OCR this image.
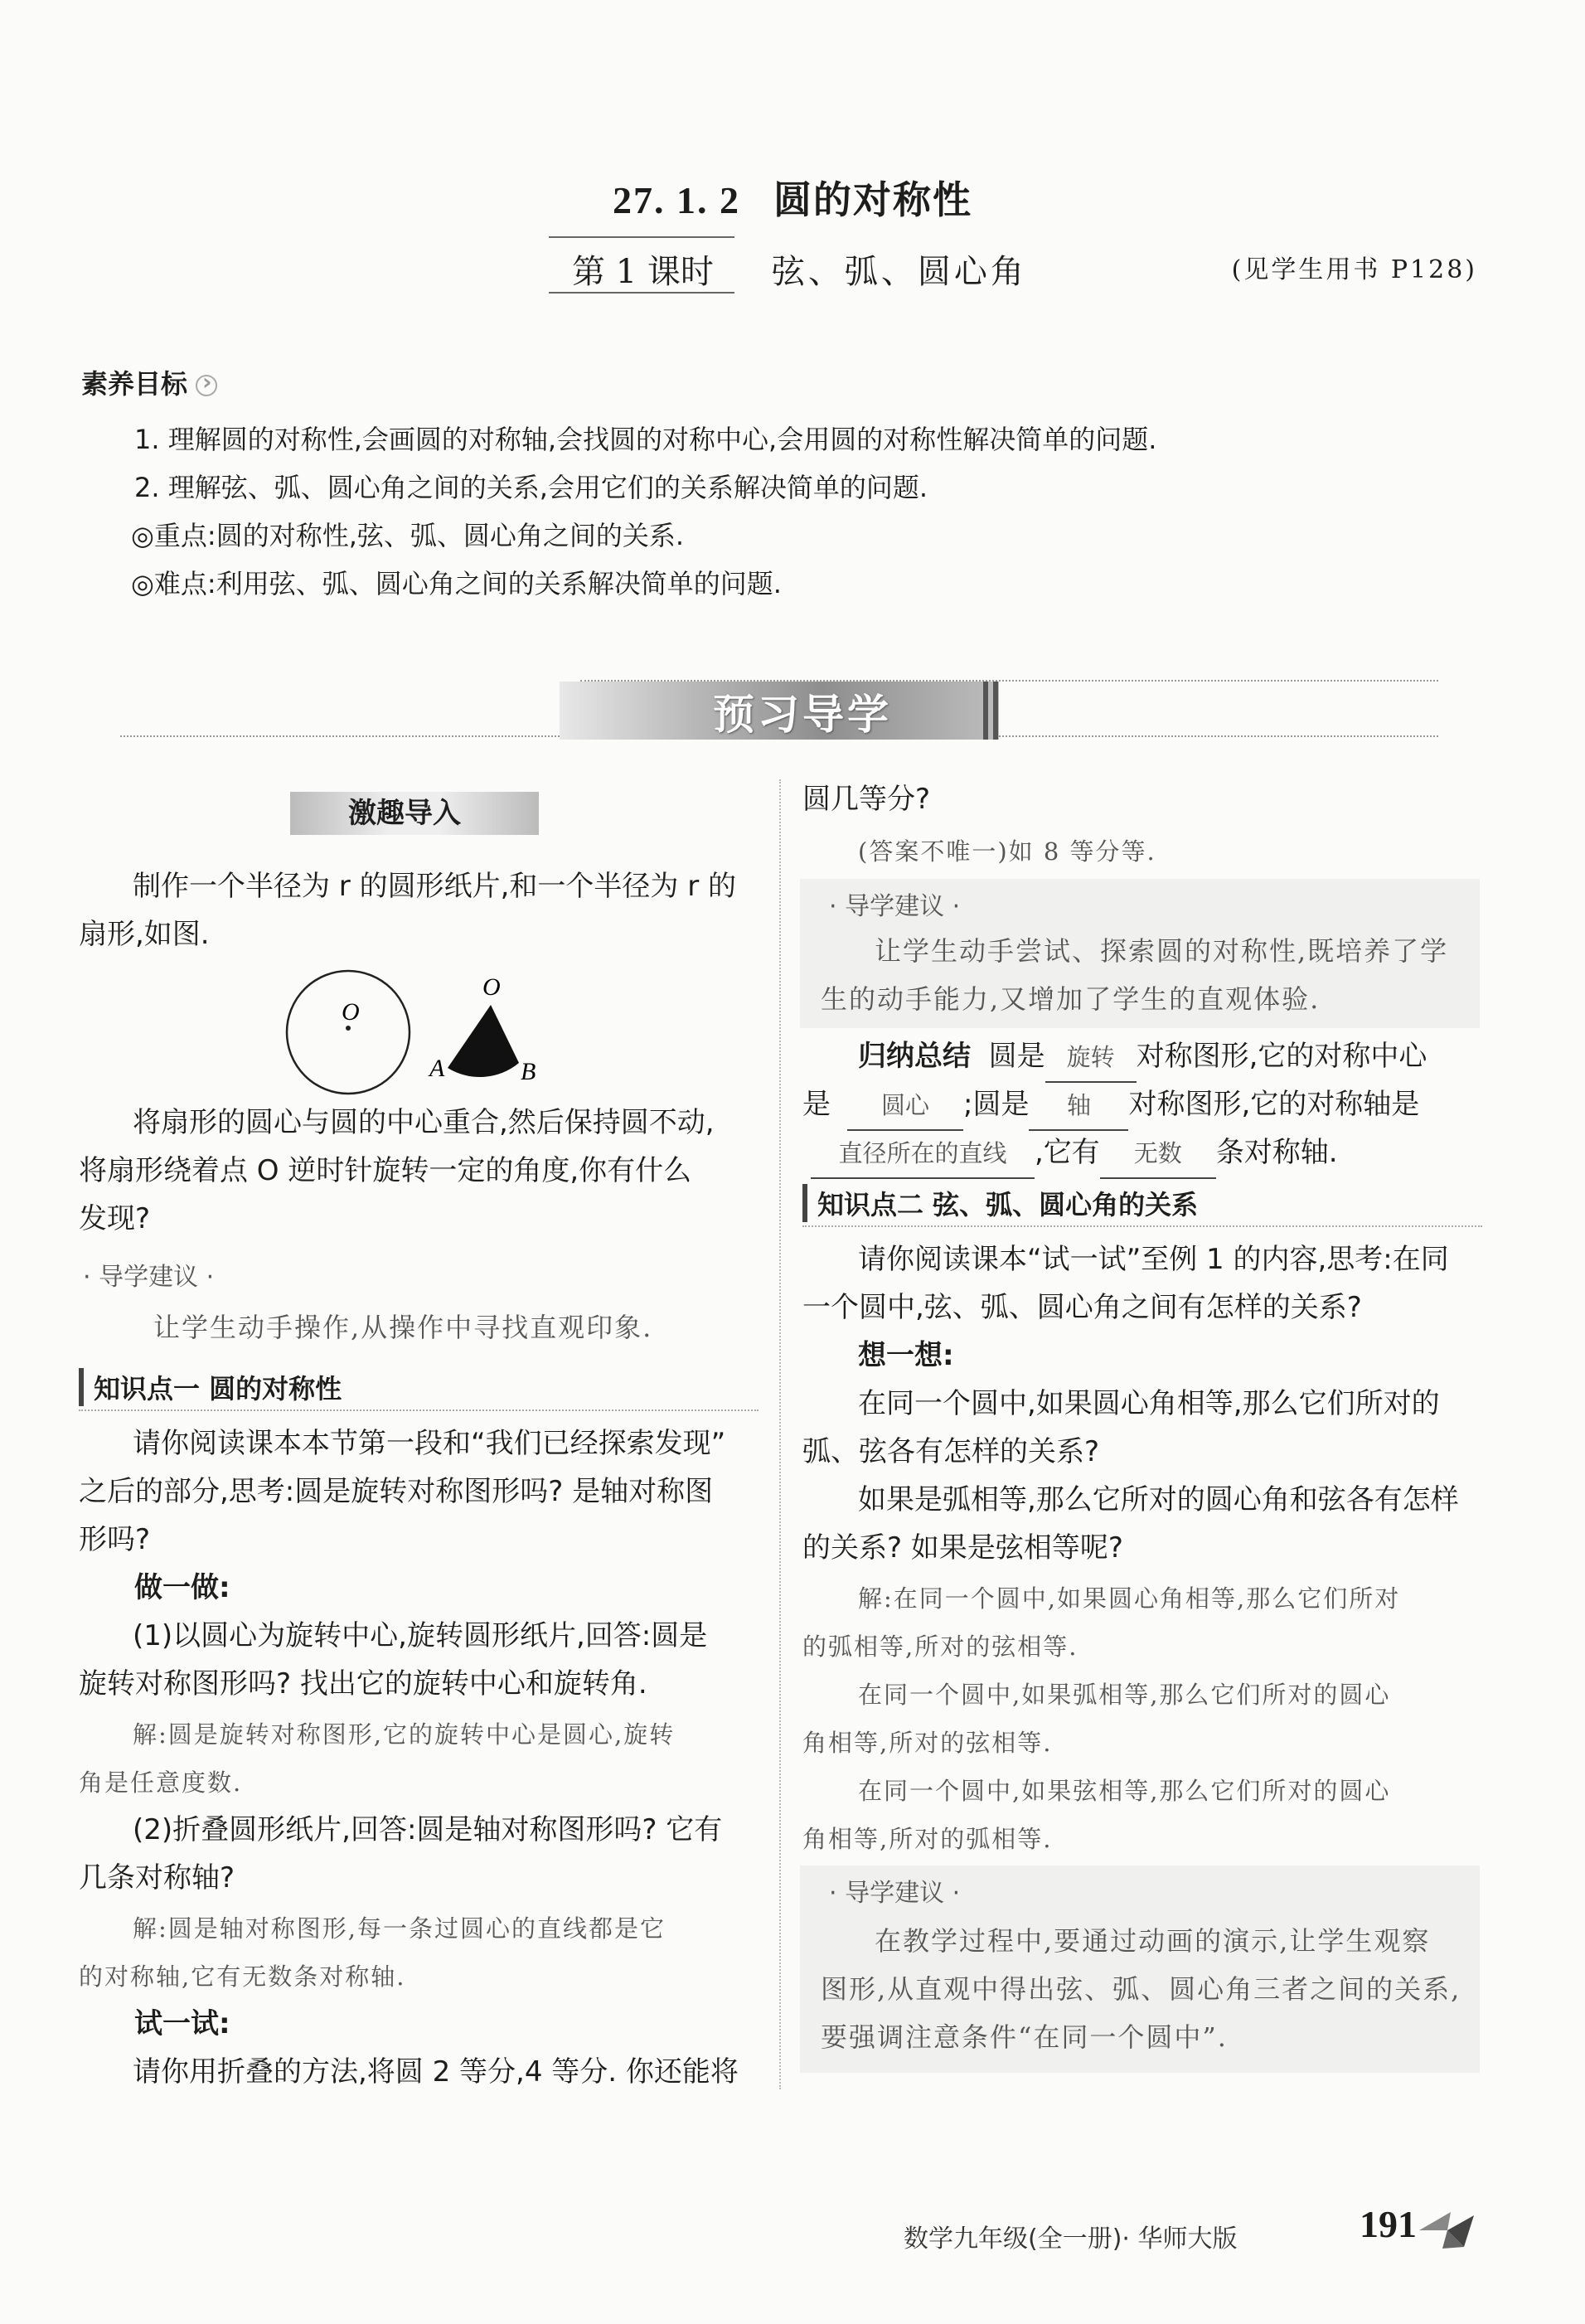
27. 1. 2 圆的对称性
第 1 课时 弦、弧、圆心角	(见学生用书 P128)
素养目标›
1. 理解圆的对称性,会画圆的对称轴,会找圆的对称中心,会用圆的对称性解决简单的问题.
2. 理解弦、弧、圆心角之间的关系,会用它们的关系解决简单的问题.
◎重点:圆的对称性,弦、弧、圆心角之间的关系.
◎难点:利用弦、弧、圆心角之间的关系解决简单的问题.
预习导学
激趣导入
制作一个半径为 r 的圆形纸片,和一个半径为 r 的
扇形,如图.
O
O
A	B
将扇形的圆心与圆的中心重合,然后保持圆不动,
将扇形绕着点 O 逆时针旋转一定的角度,你有什么
发现?
· 导学建议 ·
让学生动手操作,从操作中寻找直观印象.
知识点一 圆的对称性
请你阅读课本本节第一段和“我们已经探索发现”
之后的部分,思考:圆是旋转对称图形吗? 是轴对称图
形吗?
做一做:
(1)以圆心为旋转中心,旋转圆形纸片,回答:圆是
旋转对称图形吗? 找出它的旋转中心和旋转角.
解:圆是旋转对称图形,它的旋转中心是圆心,旋转
角是任意度数.
(2)折叠圆形纸片,回答:圆是轴对称图形吗? 它有
几条对称轴?
解:圆是轴对称图形,每一条过圆心的直线都是它
的对称轴,它有无数条对称轴.
试一试:
请你用折叠的方法,将圆 2 等分,4 等分. 你还能将
圆几等分?
(答案不唯一)如 8 等分等.
· 导学建议 ·
让学生动手尝试、探索圆的对称性,既培养了学
生的动手能力,又增加了学生的直观体验.
归纳总结 圆是 旋转 对称图形,它的对称中心
是 圆心 ;圆是 轴 对称图形,它的对称轴是
直径所在的直线 ,它有 无数 条对称轴.
知识点二 弦、弧、圆心角的关系
请你阅读课本“试一试”至例 1 的内容,思考:在同
一个圆中,弦、弧、圆心角之间有怎样的关系?
想一想:
在同一个圆中,如果圆心角相等,那么它们所对的
弧、弦各有怎样的关系?
如果是弧相等,那么它所对的圆心角和弦各有怎样
的关系? 如果是弦相等呢?
解:在同一个圆中,如果圆心角相等,那么它们所对
的弧相等,所对的弦相等.
在同一个圆中,如果弧相等,那么它们所对的圆心
角相等,所对的弦相等.
在同一个圆中,如果弦相等,那么它们所对的圆心
角相等,所对的弧相等.
· 导学建议 ·
在教学过程中,要通过动画的演示,让学生观察
图形,从直观中得出弦、弧、圆心角三者之间的关系,
要强调注意条件“在同一个圆中”.
数学九年级(全一册)· 华师大版	191
